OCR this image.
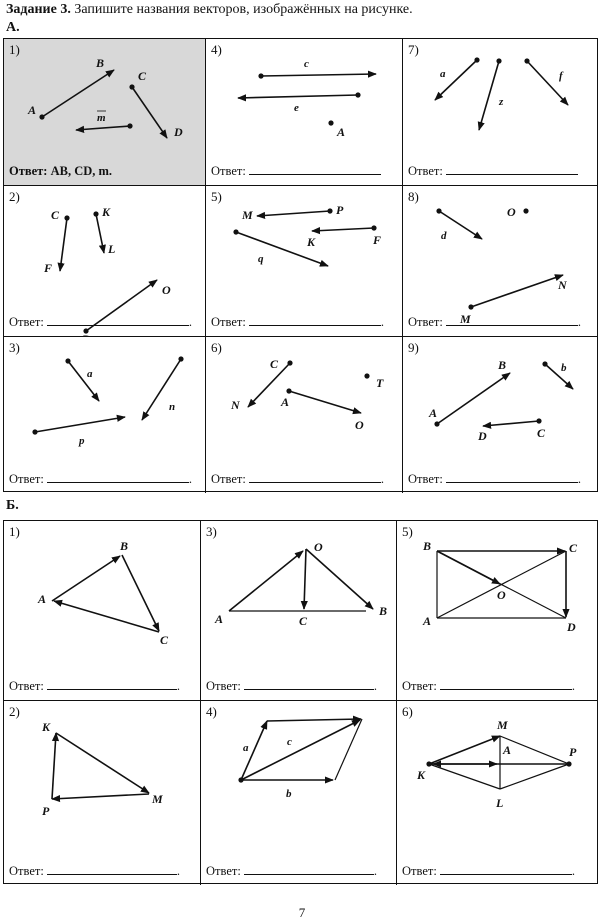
Задание 3. Запишите названия векторов, изображённых на рисунке.
А.
1)
A
B
C
D
m
Ответ: AB, CD, m.
4)
c
e
A
Ответ:
7)
a	f
z
Ответ:
2)
C	K
F
L
O
D
Ответ:	.
5)
M	P
K	F
q
Ответ:	.
8)
O
d
N
M
Ответ:	.
3)
a
n
p
Ответ:	.
6)
C
N
T
A
O
Ответ:	.
9)
B	b
A
D	C
Ответ:	.
Б.
1)
B
A
C
Ответ:	.
3)
O
A	C
B
Ответ:	.
5)
B	C
O
A	D
Ответ:	.
2)
K
P
M
Ответ:	.
4)
a	c
b
Ответ:	.
6)
M
A	P
K
L
Ответ:	.
7
